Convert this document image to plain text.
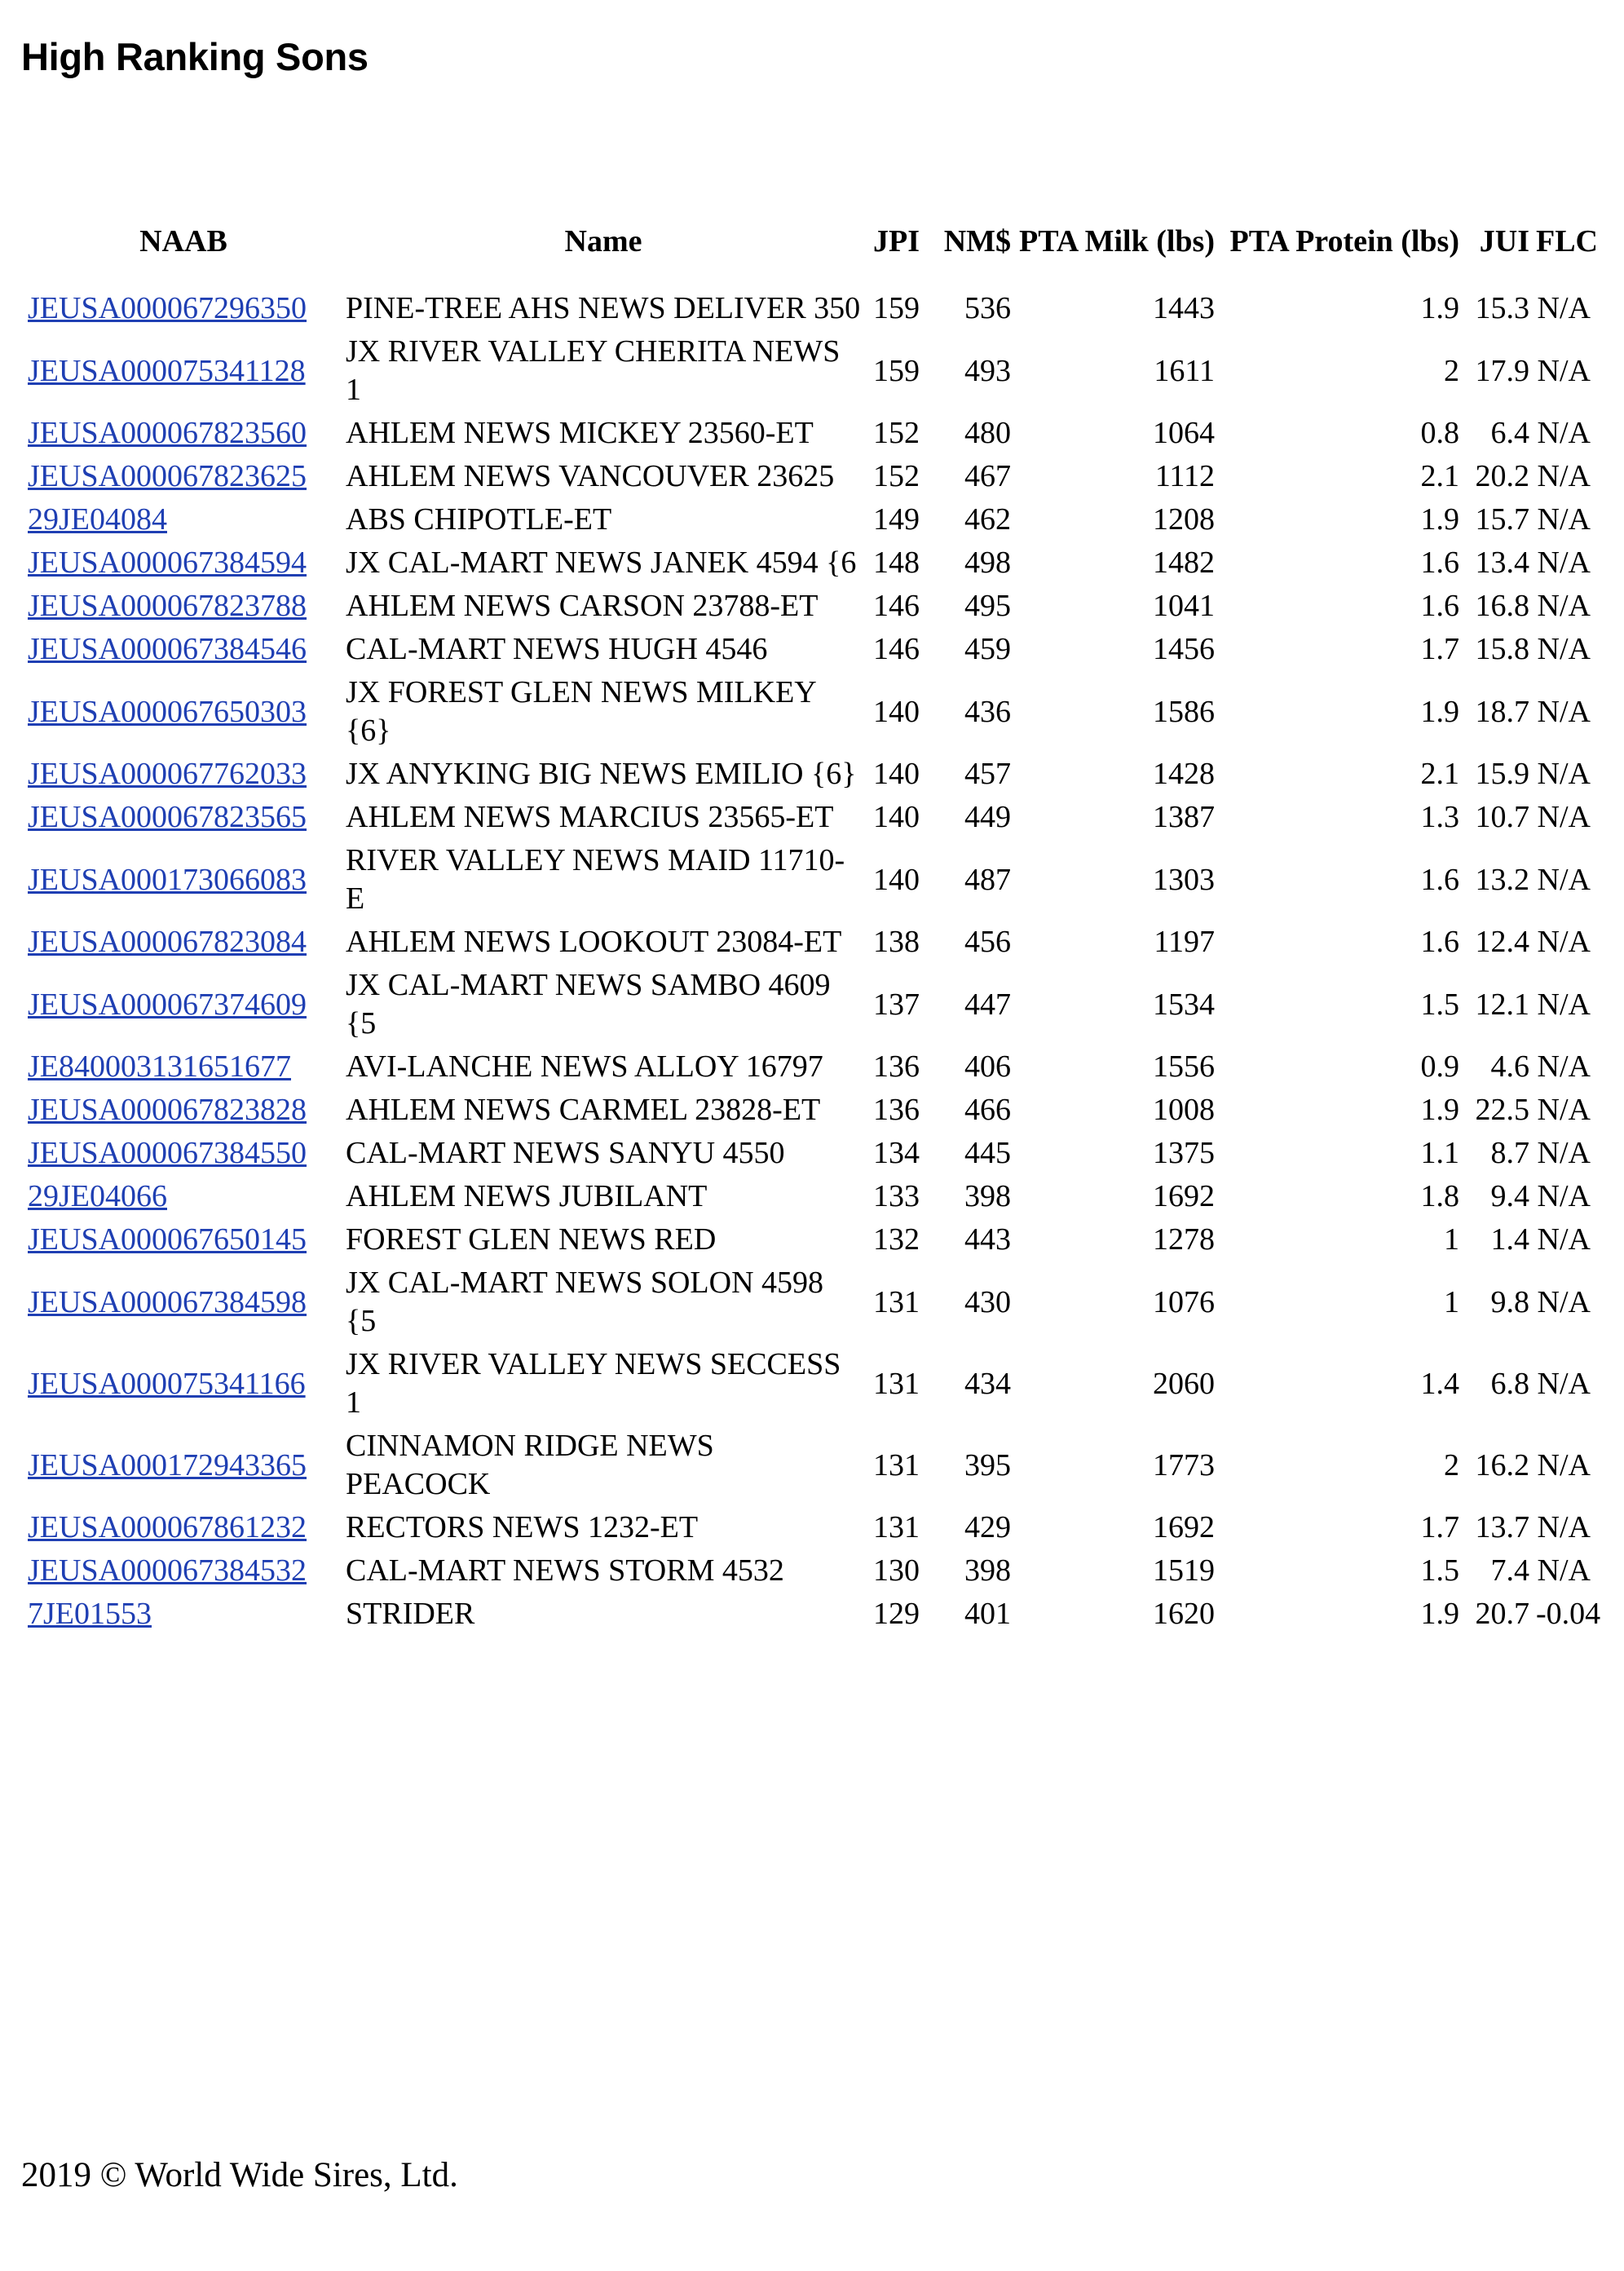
High Ranking Sons
NAAB	Name	JPI	NM$	PTA Milk (lbs)	PTA Protein (lbs)	JUI	FLC
JEUSA000067296350	PINE-TREE AHS NEWS DELIVER 350	159	536	1443	1.9	15.3	N/A
JEUSA000075341128	JX RIVER VALLEY CHERITA NEWS 1	159	493	1611	2	17.9	N/A
JEUSA000067823560	AHLEM NEWS MICKEY 23560-ET	152	480	1064	0.8	6.4	N/A
JEUSA000067823625	AHLEM NEWS VANCOUVER 23625	152	467	1112	2.1	20.2	N/A
29JE04084	ABS CHIPOTLE-ET	149	462	1208	1.9	15.7	N/A
JEUSA000067384594	JX CAL-MART NEWS JANEK 4594 {6	148	498	1482	1.6	13.4	N/A
JEUSA000067823788	AHLEM NEWS CARSON 23788-ET	146	495	1041	1.6	16.8	N/A
JEUSA000067384546	CAL-MART NEWS HUGH 4546	146	459	1456	1.7	15.8	N/A
JEUSA000067650303	JX FOREST GLEN NEWS MILKEY {6}	140	436	1586	1.9	18.7	N/A
JEUSA000067762033	JX ANYKING BIG NEWS EMILIO {6}	140	457	1428	2.1	15.9	N/A
JEUSA000067823565	AHLEM NEWS MARCIUS 23565-ET	140	449	1387	1.3	10.7	N/A
JEUSA000173066083	RIVER VALLEY NEWS MAID 11710-E	140	487	1303	1.6	13.2	N/A
JEUSA000067823084	AHLEM NEWS LOOKOUT 23084-ET	138	456	1197	1.6	12.4	N/A
JEUSA000067374609	JX CAL-MART NEWS SAMBO 4609 {5	137	447	1534	1.5	12.1	N/A
JE840003131651677	AVI-LANCHE NEWS ALLOY 16797	136	406	1556	0.9	4.6	N/A
JEUSA000067823828	AHLEM NEWS CARMEL 23828-ET	136	466	1008	1.9	22.5	N/A
JEUSA000067384550	CAL-MART NEWS SANYU 4550	134	445	1375	1.1	8.7	N/A
29JE04066	AHLEM NEWS JUBILANT	133	398	1692	1.8	9.4	N/A
JEUSA000067650145	FOREST GLEN NEWS RED	132	443	1278	1	1.4	N/A
JEUSA000067384598	JX CAL-MART NEWS SOLON 4598 {5	131	430	1076	1	9.8	N/A
JEUSA000075341166	JX RIVER VALLEY NEWS SECCESS 1	131	434	2060	1.4	6.8	N/A
JEUSA000172943365	CINNAMON RIDGE NEWS PEACOCK	131	395	1773	2	16.2	N/A
JEUSA000067861232	RECTORS NEWS 1232-ET	131	429	1692	1.7	13.7	N/A
JEUSA000067384532	CAL-MART NEWS STORM 4532	130	398	1519	1.5	7.4	N/A
7JE01553	STRIDER	129	401	1620	1.9	20.7	-0.04

2019 © World Wide Sires, Ltd.
